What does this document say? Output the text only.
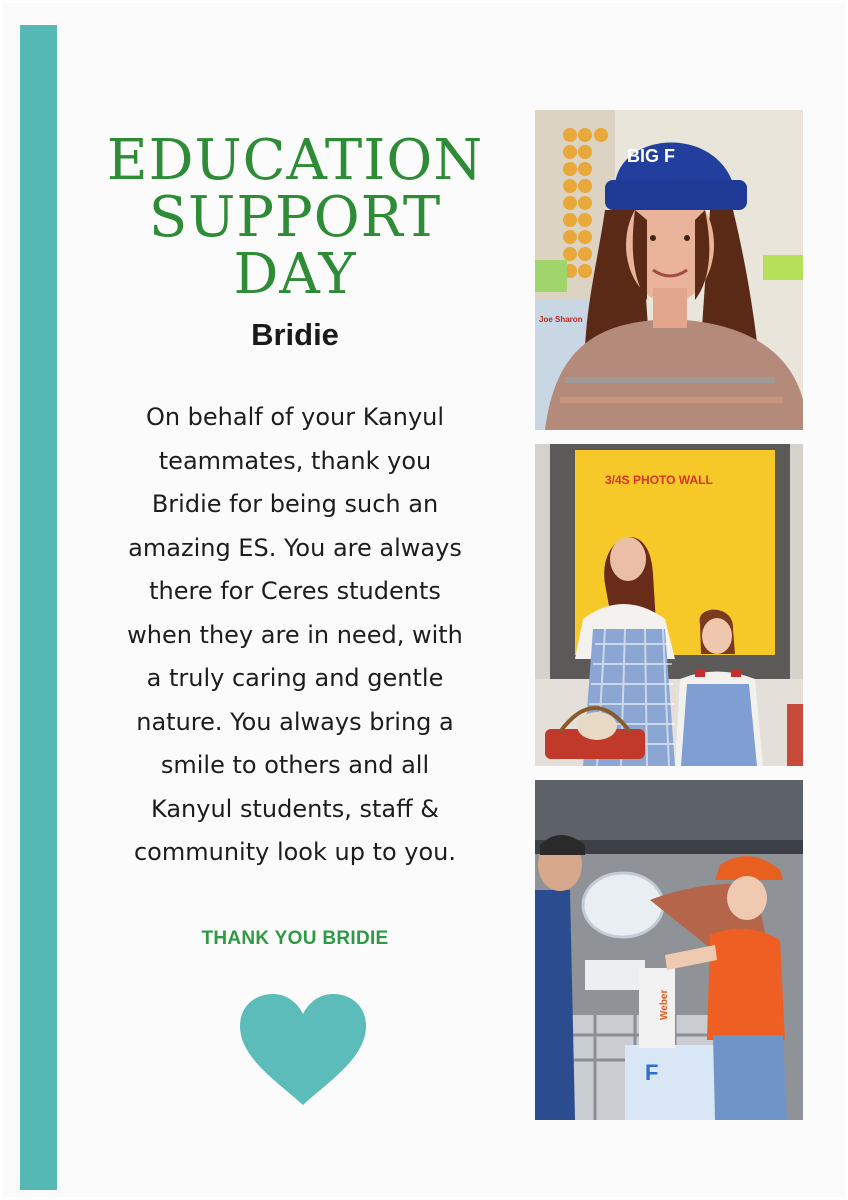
EDUCATION
SUPPORT
DAY
Bridie
On behalf of your Kanyul
teammates, thank you
Bridie for being such an
amazing ES. You are always
there for Ceres students
when they are in need, with
a truly caring and gentle
nature. You always bring a
smile to others and all
Kanyul students, staff &
community look up to you.
THANK YOU BRIDIE
Joe Sharon
BIG F
3/4S PHOTO WALL
F
Weber
